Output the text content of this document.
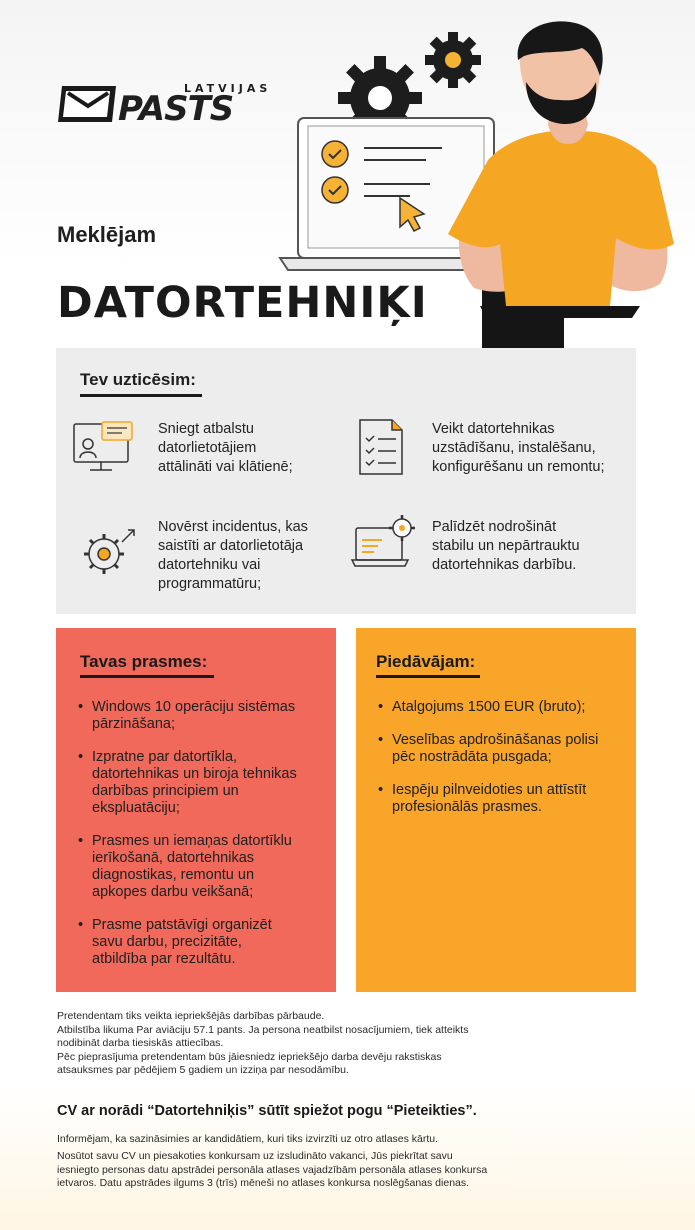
LATVIJAS
PASTS
Meklējam
DATORTEHNIĶI
Tev uzticēsim:
Sniegt atbalstu
datorlietotājiem
attālināti vai klātienē;
Veikt datortehnikas
uzstādīšanu, instalēšanu,
konfigurēšanu un remontu;
Novērst incidentus, kas
saistīti ar datorlietotāja
datortehniku vai
programmatūru;
Palīdzēt nodrošināt
stabilu un nepārtrauktu
datortehnikas darbību.
Tavas prasmes:
• Windows 10 operāciju sistēmas
pārzināšana;
• Izpratne par datortīkla,
datortehnikas un biroja tehnikas
darbības principiem un
ekspluatāciju;
• Prasmes un iemaņas datortīklu
ierīkošanā, datortehnikas
diagnostikas, remontu un
apkopes darbu veikšanā;
• Prasme patstāvīgi organizēt
savu darbu, precizitāte,
atbildība par rezultātu.
Piedāvājam:
• Atalgojums 1500 EUR (bruto);
• Veselības apdrošināšanas polisi
pēc nostrādāta pusgada;
• Iespēju pilnveidoties un attīstīt
profesionālās prasmes.
Pretendentam tiks veikta iepriekšējās darbības pārbaude.
Atbilstība likuma Par aviāciju 57.1 pants. Ja persona neatbilst nosacījumiem, tiek atteikts
nodibināt darba tiesiskās attiecības.
Pēc pieprasījuma pretendentam būs jāiesniedz iepriekšējo darba devēju rakstiskas
atsauksmes par pēdējiem 5 gadiem un izziņa par nesodāmību.
CV ar norādi “Datortehniķis” sūtīt spiežot pogu “Pieteikties”.
Informējam, ka sazināsimies ar kandidātiem, kuri tiks izvirzīti uz otro atlases kārtu.
Nosūtot savu CV un piesakoties konkursam uz izsludināto vakanci, Jūs piekrītat savu
iesniegto personas datu apstrādei personāla atlases vajadzībām personāla atlases konkursa
ietvaros. Datu apstrādes ilgums 3 (trīs) mēneši no atlases konkursa noslēgšanas dienas.
